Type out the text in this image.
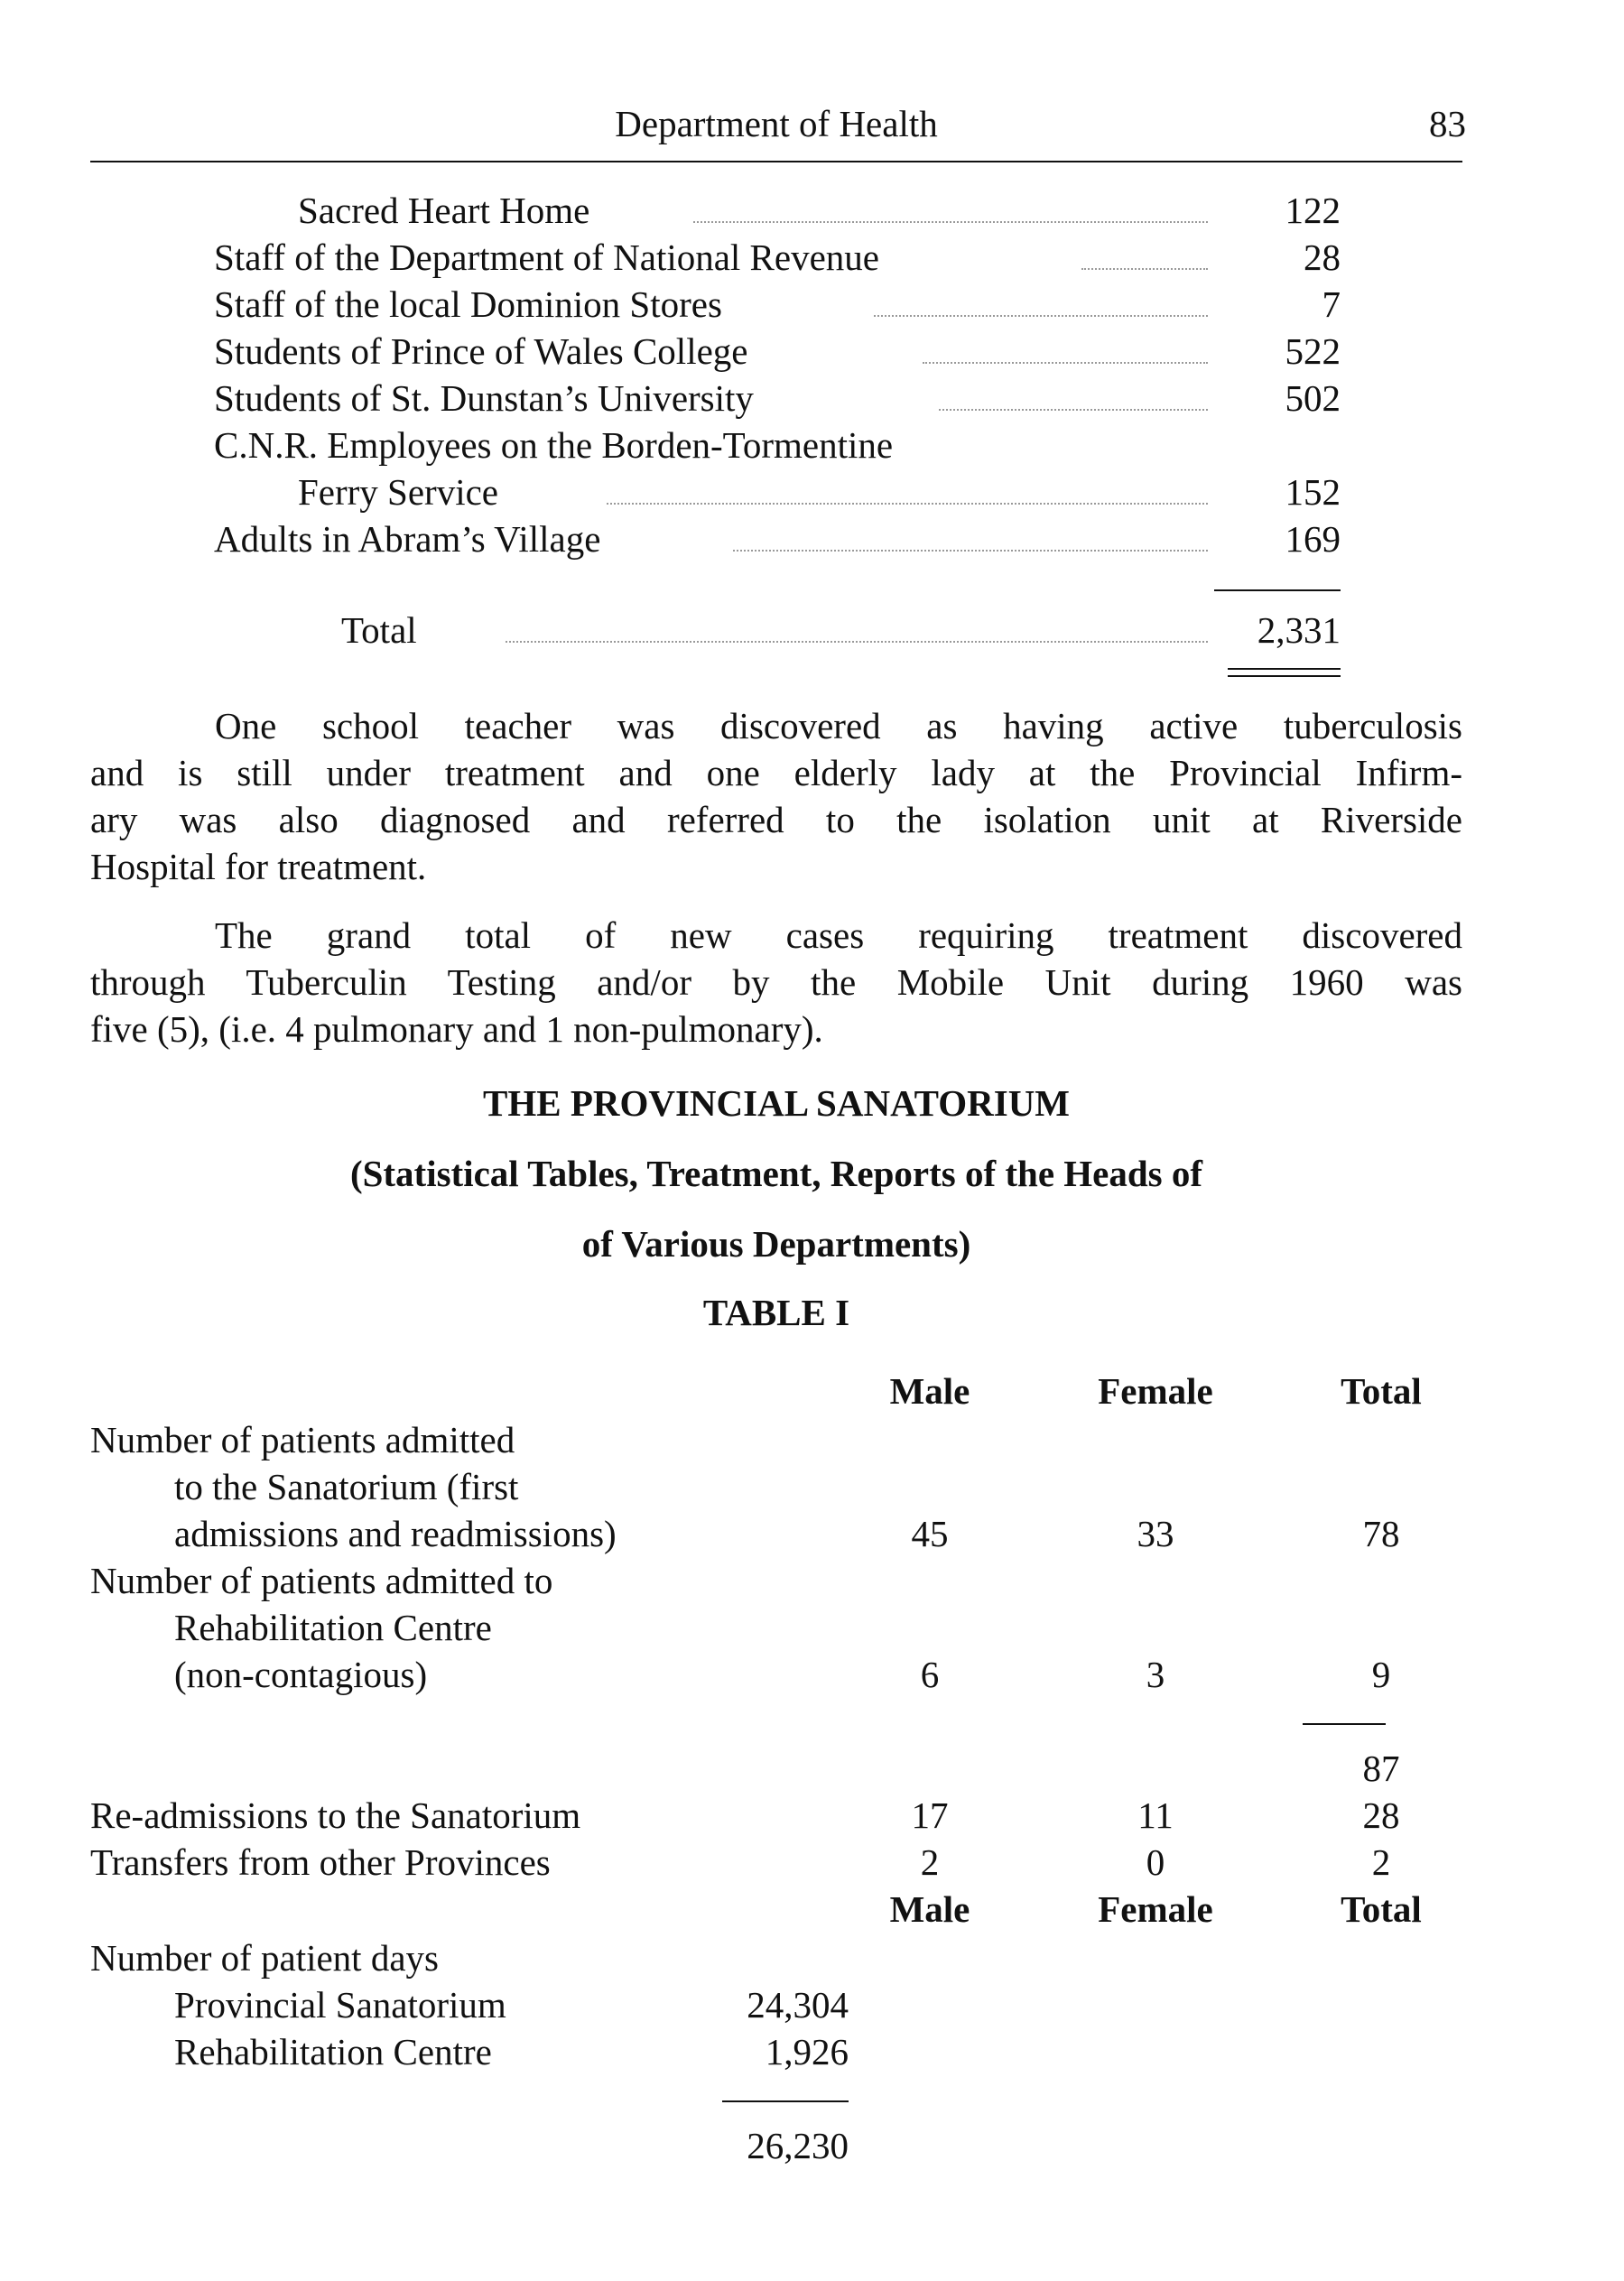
Department of Health	83
Sacred Heart Home	122
Staff of the Department of National Revenue	28
Staff of the local Dominion Stores	7
Students of Prince of Wales College	522
Students of St. Dunstan’s University	502
C.N.R. Employees on the Borden-Tormentine
Ferry Service	152
Adults in Abram’s Village	169
Total	2,331
One school teacher was discovered as having active tuberculosis
and is still under treatment and one elderly lady at the Provincial Infirm-
ary was also diagnosed and referred to the isolation unit at Riverside
Hospital for treatment.
The grand total of new cases requiring treatment discovered
through Tuberculin Testing and/or by the Mobile Unit during 1960 was
five (5), (i.e. 4 pulmonary and 1 non-pulmonary).
THE PROVINCIAL SANATORIUM
(Statistical Tables, Treatment, Reports of the Heads of
of Various Departments)
TABLE I
Male	Female	Total
Number of patients admitted
to the Sanatorium (first
admissions and readmissions)	45	33	78
Number of patients admitted to
Rehabilitation Centre
(non-contagious)	6	3	9
87
Re-admissions to the Sanatorium	17	11	28
Transfers from other Provinces	2	0	2
Male	Female	Total
Number of patient days
Provincial Sanatorium	24,304
Rehabilitation Centre	1,926
26,230
